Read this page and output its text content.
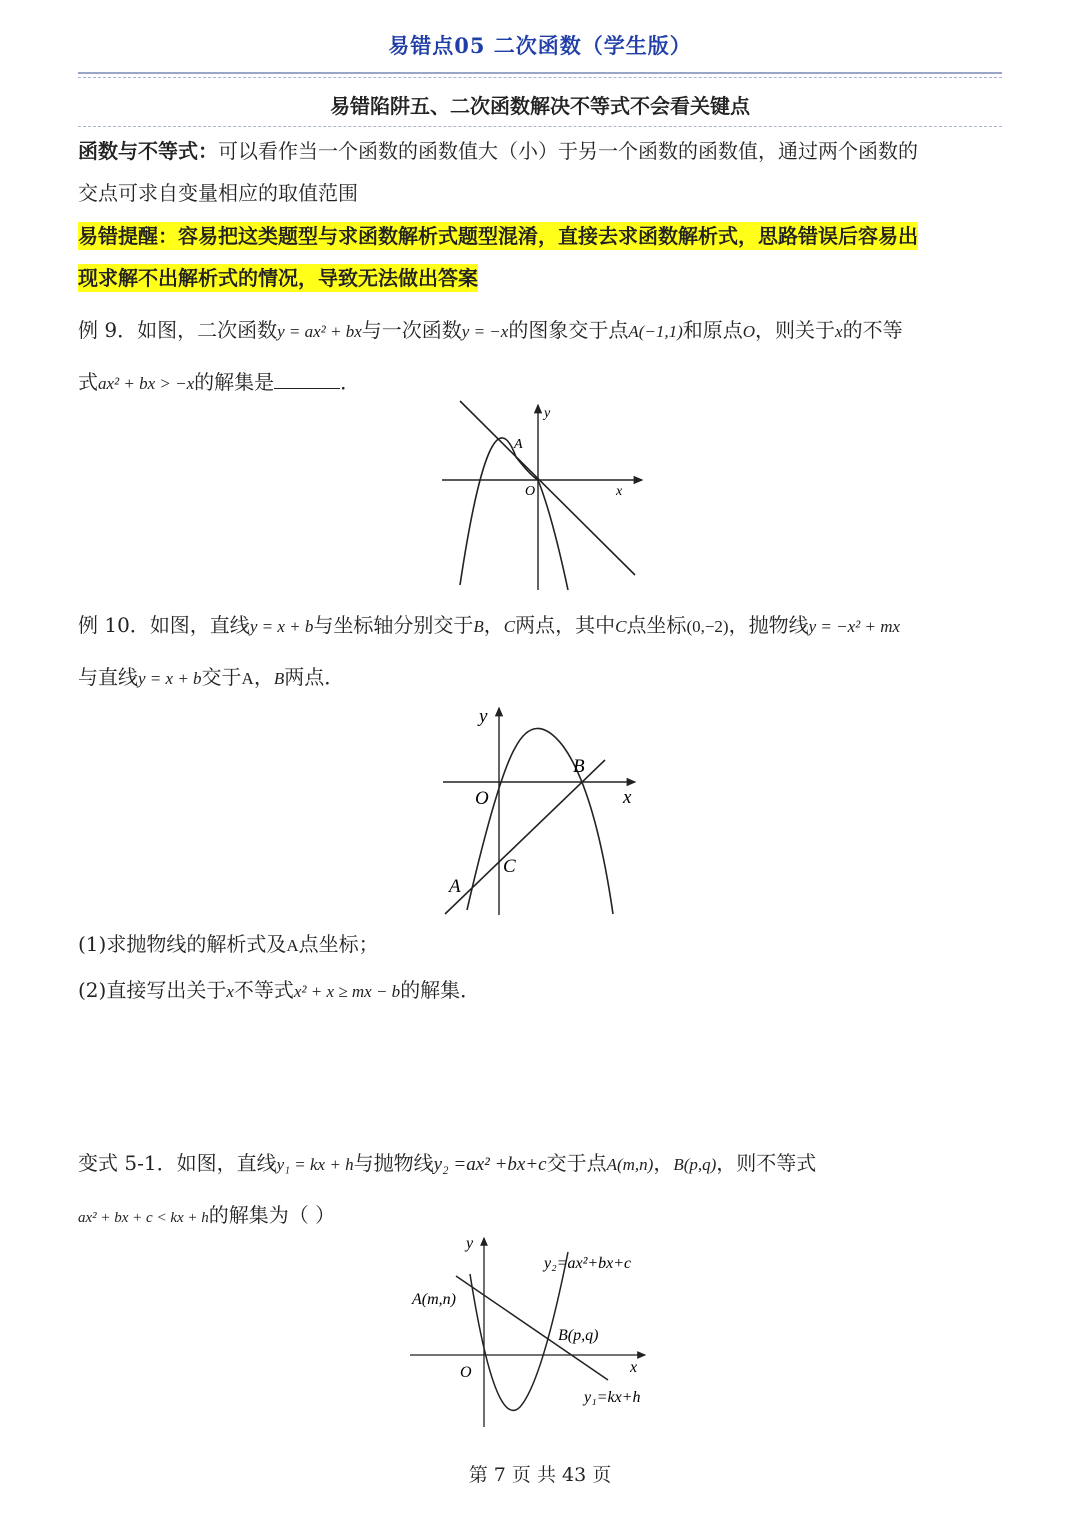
易错点05 二次函数（学生版）
易错陷阱五、二次函数解决不等式不会看关键点
函数与不等式：可以看作当一个函数的函数值大（小）于另一个函数的函数值，通过两个函数的
交点可求自变量相应的取值范围
易错提醒：容易把这类题型与求函数解析式题型混淆，直接去求函数解析式，思路错误后容易出
现求解不出解析式的情况，导致无法做出答案
例 9．如图，二次函数y = ax² + bx与一次函数y = −x的图象交于点A(−1,1)和原点O，则关于x的不等
式ax² + bx > −x的解集是	．
A
O	x
y
例 10．如图，直线y = x + b与坐标轴分别交于B，C两点，其中C点坐标(0,−2)，抛物线y = −x² + mx
与直线y = x + b交于A，B两点．
y
x
O
B
C
A
(1)求抛物线的解析式及A点坐标；
(2)直接写出关于x不等式x² + x ≥ mx − b的解集．
变式 5-1．如图，直线y₁ = kx + h与抛物线y₂ =ax² +bx+c交于点A(m,n)，B(p,q)，则不等式
ax² + bx + c < kx + h的解集为（ ）
y
x
O
A(m,n)
B(p,q)
y₂=ax²+bx+c
y₁=kx+h
第 7 页 共 43 页
